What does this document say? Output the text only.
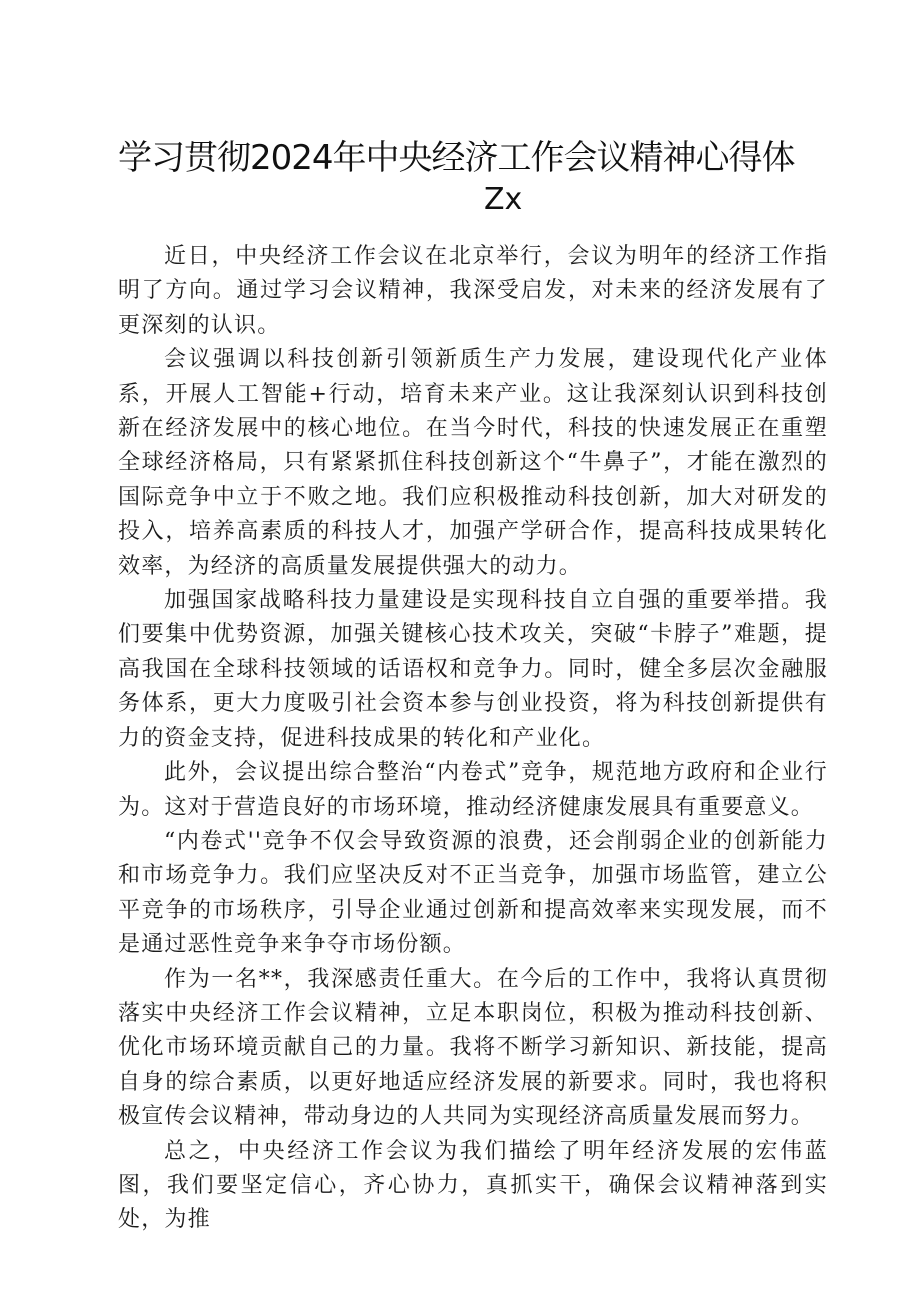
学习贯彻2024年中央经济工作会议精神心得体
Zx

近日，中央经济工作会议在北京举行，会议为明年的经济工作指明了方向。通过学习会议精神，我深受启发，对未来的经济发展有了更深刻的认识。

会议强调以科技创新引领新质生产力发展，建设现代化产业体系，开展人工智能+行动，培育未来产业。这让我深刻认识到科技创新在经济发展中的核心地位。在当今时代，科技的快速发展正在重塑全球经济格局，只有紧紧抓住科技创新这个“牛鼻子”，才能在激烈的国际竞争中立于不败之地。我们应积极推动科技创新，加大对研发的投入，培养高素质的科技人才，加强产学研合作，提高科技成果转化效率，为经济的高质量发展提供强大的动力。

加强国家战略科技力量建设是实现科技自立自强的重要举措。我们要集中优势资源，加强关键核心技术攻关，突破“卡脖子”难题，提高我国在全球科技领域的话语权和竞争力。同时，健全多层次金融服务体系，更大力度吸引社会资本参与创业投资，将为科技创新提供有力的资金支持，促进科技成果的转化和产业化。

此外，会议提出综合整治“内卷式”竞争，规范地方政府和企业行为。这对于营造良好的市场环境，推动经济健康发展具有重要意义。

“内卷式''竞争不仅会导致资源的浪费，还会削弱企业的创新能力和市场竞争力。我们应坚决反对不正当竞争，加强市场监管，建立公平竞争的市场秩序，引导企业通过创新和提高效率来实现发展，而不是通过恶性竞争来争夺市场份额。

作为一名**，我深感责任重大。在今后的工作中，我将认真贯彻落实中央经济工作会议精神，立足本职岗位，积极为推动科技创新、优化市场环境贡献自己的力量。我将不断学习新知识、新技能，提高自身的综合素质，以更好地适应经济发展的新要求。同时，我也将积极宣传会议精神，带动身边的人共同为实现经济高质量发展而努力。

总之，中央经济工作会议为我们描绘了明年经济发展的宏伟蓝图，我们要坚定信心，齐心协力，真抓实干，确保会议精神落到实处，为推
